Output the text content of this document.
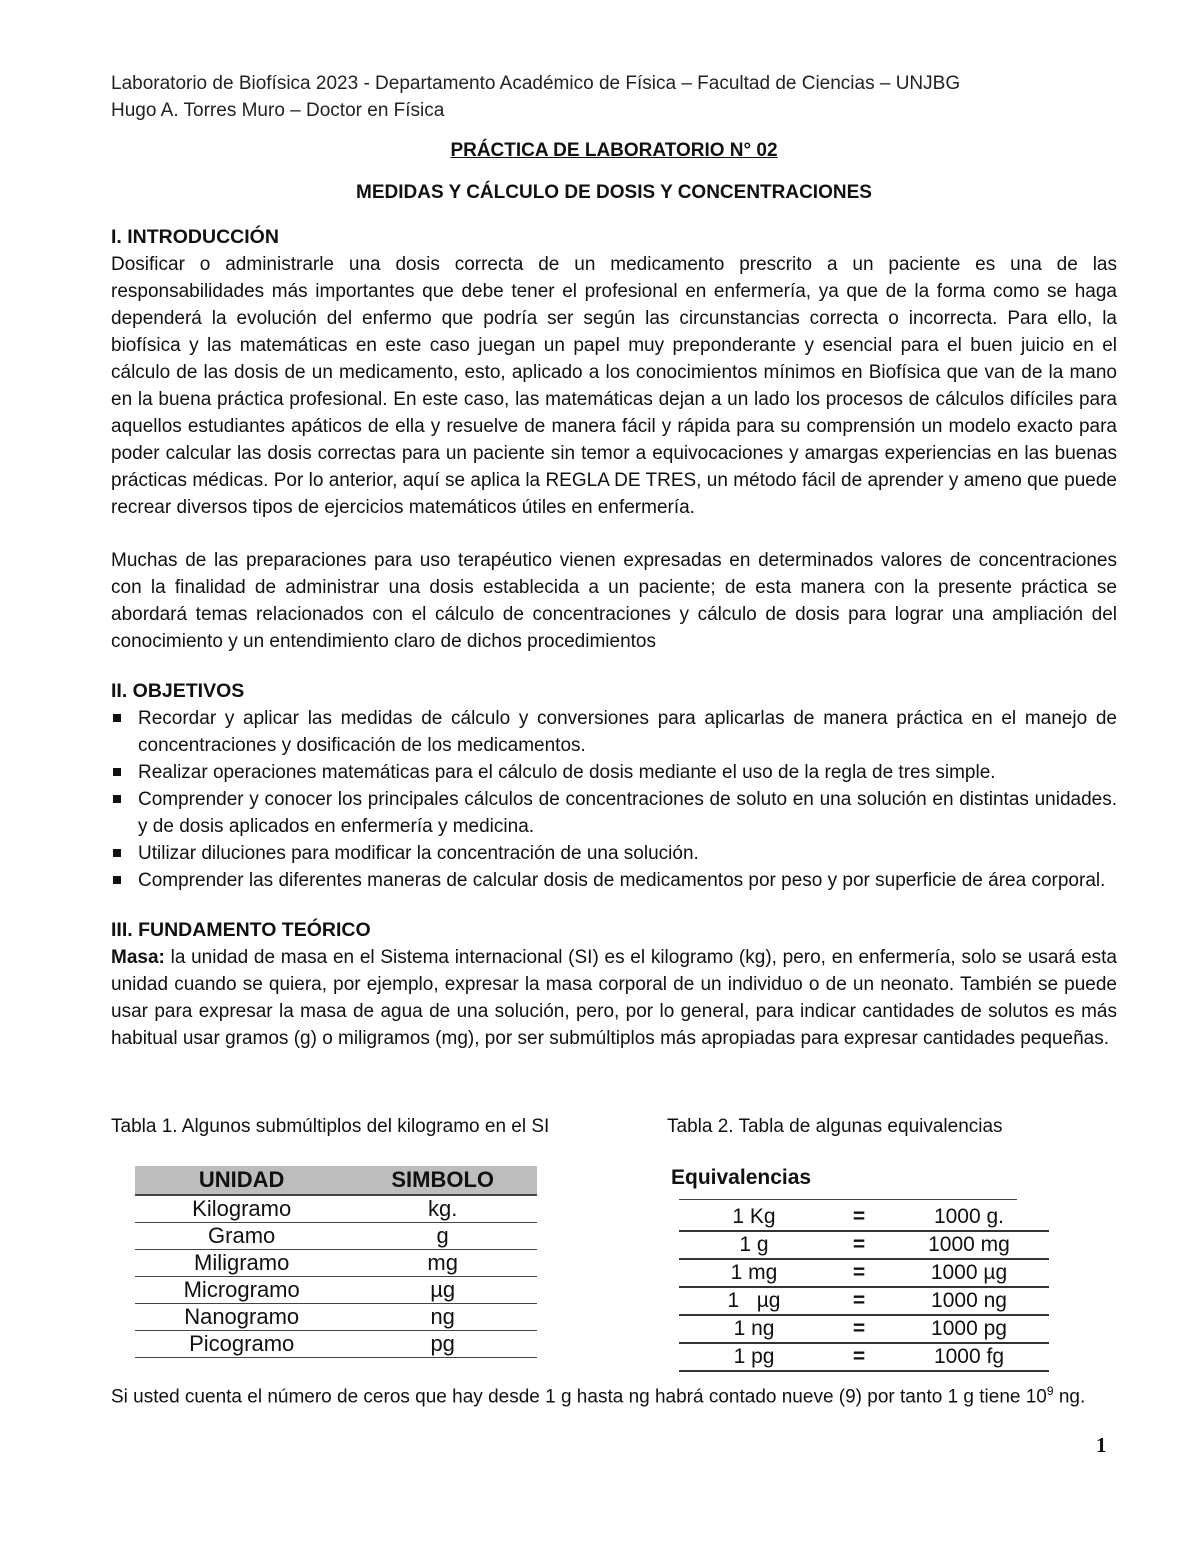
Laboratorio de Biofísica 2023 - Departamento Académico de Física – Facultad de Ciencias – UNJBG
Hugo A. Torres Muro – Doctor en Física
PRÁCTICA DE LABORATORIO N° 02
MEDIDAS Y CÁLCULO DE DOSIS Y CONCENTRACIONES
I. INTRODUCCIÓN
Dosificar o administrarle una dosis correcta de un medicamento prescrito a un paciente es una de las responsabilidades más importantes que debe tener el profesional en enfermería, ya que de la forma como se haga dependerá la evolución del enfermo que podría ser según las circunstancias correcta o incorrecta. Para ello, la biofísica y las matemáticas en este caso juegan un papel muy preponderante y esencial para el buen juicio en el cálculo de las dosis de un medicamento, esto, aplicado a los conocimientos mínimos en Biofísica que van de la mano en la buena práctica profesional. En este caso, las matemáticas dejan a un lado los procesos de cálculos difíciles para aquellos estudiantes apáticos de ella y resuelve de manera fácil y rápida para su comprensión un modelo exacto para poder calcular las dosis correctas para un paciente sin temor a equivocaciones y amargas experiencias en las buenas prácticas médicas. Por lo anterior, aquí se aplica la REGLA DE TRES, un método fácil de aprender y ameno que puede recrear diversos tipos de ejercicios matemáticos útiles en enfermería.
Muchas de las preparaciones para uso terapéutico vienen expresadas en determinados valores de concentraciones con la finalidad de administrar una dosis establecida a un paciente; de esta manera con la presente práctica se abordará temas relacionados con el cálculo de concentraciones y cálculo de dosis para lograr una ampliación del conocimiento y un entendimiento claro de dichos procedimientos
II. OBJETIVOS
Recordar y aplicar las medidas de cálculo y conversiones para aplicarlas de manera práctica en el manejo de concentraciones y dosificación de los medicamentos.
Realizar operaciones matemáticas para el cálculo de dosis mediante el uso de la regla de tres simple.
Comprender y conocer los principales cálculos de concentraciones de soluto en una solución en distintas unidades. y de dosis aplicados en enfermería y medicina.
Utilizar diluciones para modificar la concentración de una solución.
Comprender las diferentes maneras de calcular dosis de medicamentos por peso y por superficie de área corporal.
III. FUNDAMENTO TEÓRICO
Masa: la unidad de masa en el Sistema internacional (SI) es el kilogramo (kg), pero, en enfermería, solo se usará esta unidad cuando se quiera, por ejemplo, expresar la masa corporal de un individuo o de un neonato. También se puede usar para expresar la masa de agua de una solución, pero, por lo general, para indicar cantidades de solutos es más habitual usar gramos (g) o miligramos (mg), por ser submúltiplos más apropiadas para expresar cantidades pequeñas.
Tabla 1. Algunos submúltiplos del kilogramo en el SI	Tabla 2. Tabla de algunas equivalencias
UNIDAD	SIMBOLO
Kilogramo	kg.
Gramo	g
Miligramo	mg
Microgramo	µg
Nanogramo	ng
Picogramo	pg
Equivalencias
1 Kg	=	1000 g.
1 g	=	1000 mg
1 mg	=	1000 µg
1   µg	=	1000 ng
1 ng	=	1000 pg
1 pg	=	1000 fg
Si usted cuenta el número de ceros que hay desde 1 g hasta ng habrá contado nueve (9) por tanto 1 g tiene $10^9$ ng.
1
